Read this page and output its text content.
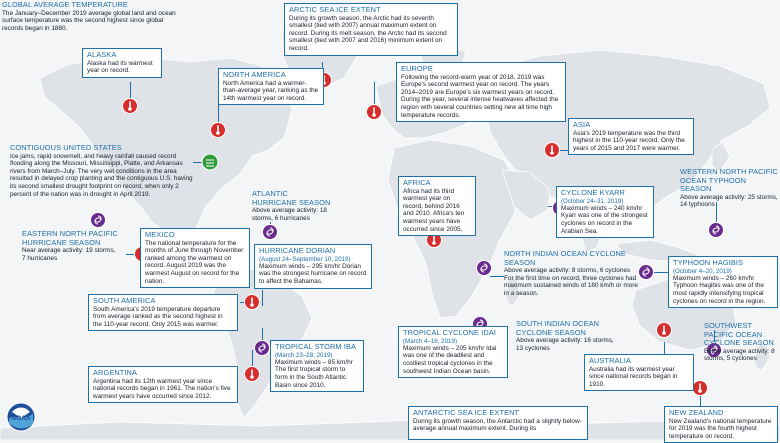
GLOBAL AVERAGE TEMPERATURE
The January–December 2019 average global land and ocean surface temperature was the second highest since global records began in 1880.
ALASKA
Alaska had its warmest year on record.	NORTH AMERICA
North America had a warmer-than-average year, ranking as the 14th warmest year on record.
ARCTIC SEA ICE EXTENT
During its growth season, the Arctic had its seventh smallest (tied with 2007) annual maximum extent on record. During its melt season, the Arctic had its second smallest (tied with 2007 and 2016) minimum extent on record.
EUROPE
Following the record-warm year of 2018, 2019 was Europe's second warmest year on record. The years 2014–2019 are Europe's six warmest years on record. During the year, several intense heatwaves affected the region with several countries setting new all time high temperature records.
ASIA
Asia's 2019 temperature was the third highest in the 110-year record. Only the years of 2015 and 2017 were warmer.
CONTIGUOUS UNITED STATES
Ice jams, rapid snowmelt, and heavy rainfall caused record flooding along the Missouri, Mississippi, Platte, and Arkansas rivers from March–July. The very wet conditions in the area resulted in delayed crop planting and the contiguous U.S. having its second smallest drought footprint on record, when only 2 percent of the nation was in drought in April 2019.	ATLANTIC HURRICANE SEASON
Above average activity: 18 storms, 6 hurricanes
AFRICA
Africa had its third warmest year on record, behind 2016 and 2010. Africa's ten warmest years have occurred since 2005.
CYCLONE KYARR
(October 24–31, 2019)
Maximum winds – 240 km/hr Kyarr was one of the strongest cyclones on record in the Arabian Sea.
WESTERN NORTH PACIFIC OCEAN TYPHOON SEASON
Above average activity: 25 storms, 14 typhoons
EASTERN NORTH PACIFIC HURRICANE SEASON
Near average activity: 19 storms, 7 hurricanes
MEXICO
The national temperature for the months of June through November ranked among the warmest on record. August 2019 was the warmest August on record for the nation.
HURRICANE DORIAN
(August 24–September 10, 2019)
Maximum winds – 295 km/hr Dorian was the strongest hurricane on record to affect the Bahamas.
NORTH INDIAN OCEAN CYCLONE SEASON
Above average activity: 8 storms, 6 cyclones For the first time on record, three cyclones had maximum sustained winds of 180 km/h or more in a season.
TYPHOON HAGIBIS
(October 4–20, 2019)
Maximum winds – 260 km/hr Typhoon Hagibis was one of the most rapidly intensifying tropical cyclones on record in the region.
SOUTH AMERICA
South America's 2019 temperature departure from average ranked as the second highest in the 110-year record. Only 2015 was warmer.	SOUTH INDIAN OCEAN CYCLONE SEASON
Above average activity: 16 storms, 13 cyclones
SOUTHWEST PACIFIC OCEAN CYCLONE SEASON
Below average activity: 8 storms, 5 cyclones
TROPICAL STORM IBA
(March 23–28, 2019)
Maximum winds – 85 km/hr The first tropical storm to form in the South Atlantic Basin since 2010.
TROPICAL CYCLONE IDAI
(March 4–16, 2019)
Maximum winds – 205 km/hr Idai was one of the deadliest and costliest tropical cyclones in the southwest Indian Ocean basin.
AUSTRALIA
Australia had its warmest year since national records began in 1910.
ARGENTINA
Argentina had its 12th warmest year since national records began in 1961. The nation's five warmest years have occurred since 2012.
NEW ZEALAND
New Zealand's national temperature for 2019 was the fourth highest temperature on record.
ANTARCTIC SEA ICE EXTENT
During its growth season, the Antarctic had a slightly below-average annual maximum extent. During its
NOAA
